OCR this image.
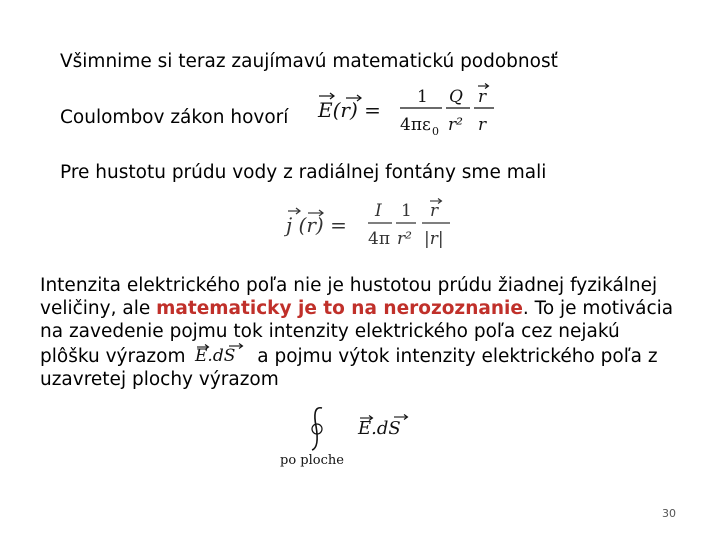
Všimnime si teraz zaujímavú matematickú podobnosť
Coulombov zákon hovorí E(r) =
1
4πε 0
Q
r²
r
r
Pre hustotu prúdu vody z radiálnej fontány sme mali
j (r) =
I
4π
1
r²
r
|r|
Intenzita elektrického poľa nie je hustotou prúdu žiadnej fyzikálnej veličiny, ale matematicky je to na nerozoznanie. To je motivácia na zavedenie pojmu tok intenzity elektrického poľa cez nejakú plôšku výrazom E.dS a pojmu výtok intenzity elektrického poľa z uzavretej plochy výrazom
po ploche
E.dS
30
